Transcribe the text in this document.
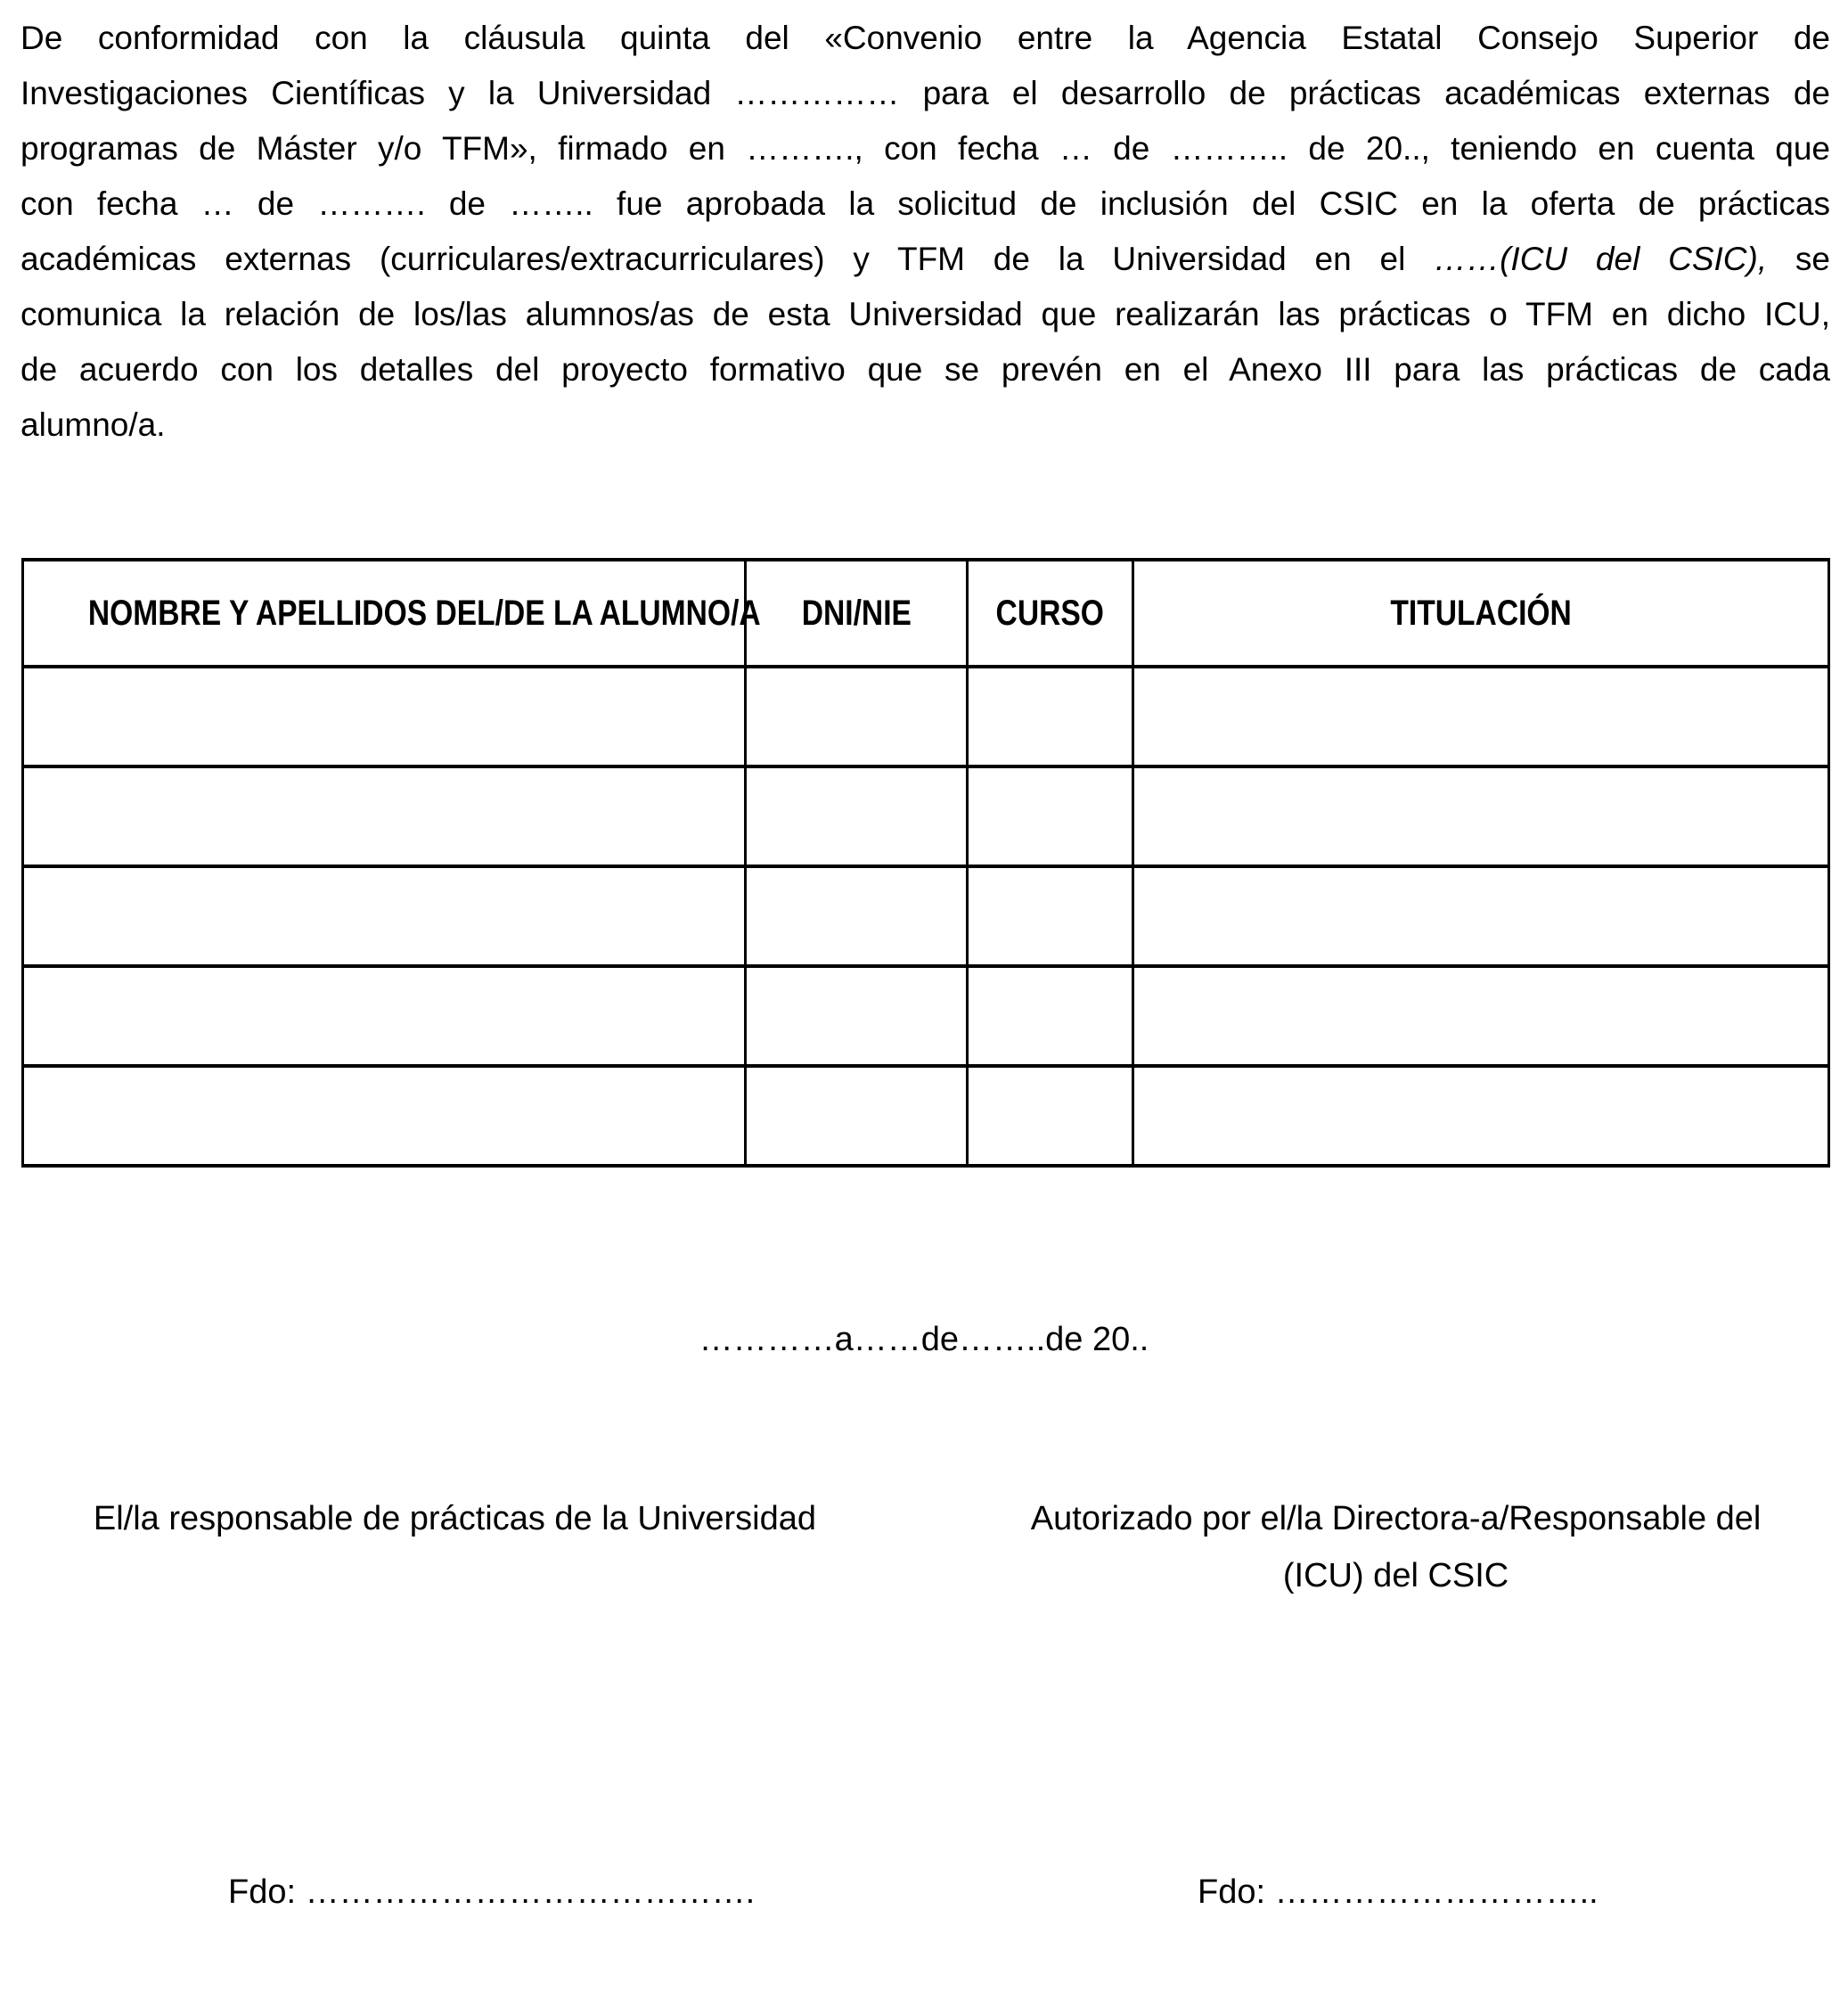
De conformidad con la cláusula quinta del «Convenio entre la Agencia Estatal Consejo Superior de
Investigaciones Científicas y la Universidad …………… para el desarrollo de prácticas académicas externas de
programas de Máster y/o TFM», firmado en ………., con fecha … de ……….. de 20.., teniendo en cuenta que
con fecha … de ………. de …….. fue aprobada la solicitud de inclusión del CSIC en la oferta de prácticas
académicas externas (curriculares/extracurriculares) y TFM de la Universidad en el ……(ICU del CSIC), se
comunica la relación de los/las alumnos/as de esta Universidad que realizarán las prácticas o TFM en dicho ICU,
de acuerdo con los detalles del proyecto formativo que se prevén en el Anexo III para las prácticas de cada
alumno/a.
NOMBRE Y APELLIDOS DEL/DE LA ALUMNO/A	DNI/NIE	CURSO	TITULACIÓN

…………a……de……..de 20..
El/la responsable de prácticas de la Universidad	Autorizado por el/la Directora-a/Responsable del
(ICU) del CSIC
Fdo: ………………………………….	Fdo: ………………………..
